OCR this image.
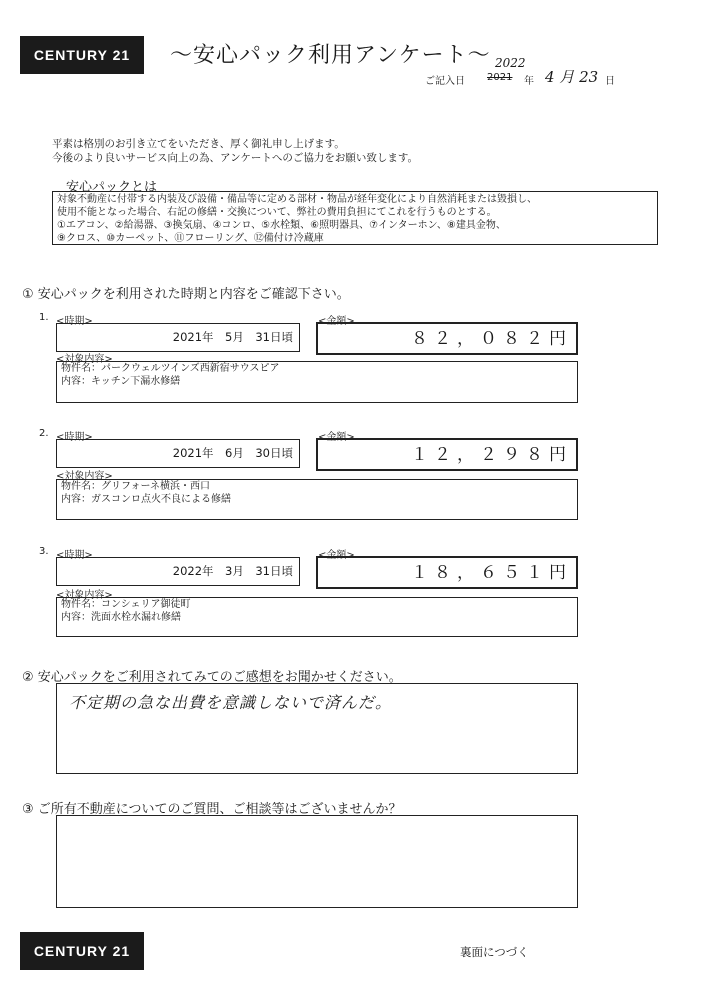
CENTURY 21	～安心パック利用アンケート～ 2022
ご記入日 2021 年 4 月 23 日
平素は格別のお引き立てをいただき、厚く御礼申し上げます。
今後のより良いサービス向上の為、アンケートへのご協力をお願い致します。
安心パックとは
対象不動産に付帯する内装及び設備・備品等に定める部材・物品が経年変化により自然消耗または毀損し、
使用不能となった場合、右記の修繕・交換について、弊社の費用負担にてこれを行うものとする。
①エアコン、②給湯器、③換気扇、④コンロ、⑤水栓類、⑥照明器具、⑦インターホン、⑧建具金物、
⑨クロス、⑩カーペット、⑪フローリング、⑫備付け冷蔵庫
① 安心パックを利用された時期と内容をご確認下さい。
1. <時期>	<金額>
2021年　5月　31日頃	８２，０８２円
<対象内容>
物件名：パークウェルツインズ西新宿サウスピア
内容：キッチン下漏水修繕
2. <時期>	<金額>
2021年　6月　30日頃	１２，２９８円
<対象内容>
物件名：グリフォーネ横浜・西口
内容：ガスコンロ点火不良による修繕
3. <時期>	<金額>
2022年　3月　31日頃	１８，６５１円
<対象内容>
物件名：コンシェリア御徒町
内容：洗面水栓水漏れ修繕
② 安心パックをご利用されてみてのご感想をお聞かせください。
不定期の急な出費を意識しないで済んだ。
③ ご所有不動産についてのご質問、ご相談等はございませんか？
CENTURY 21	裏面につづく
